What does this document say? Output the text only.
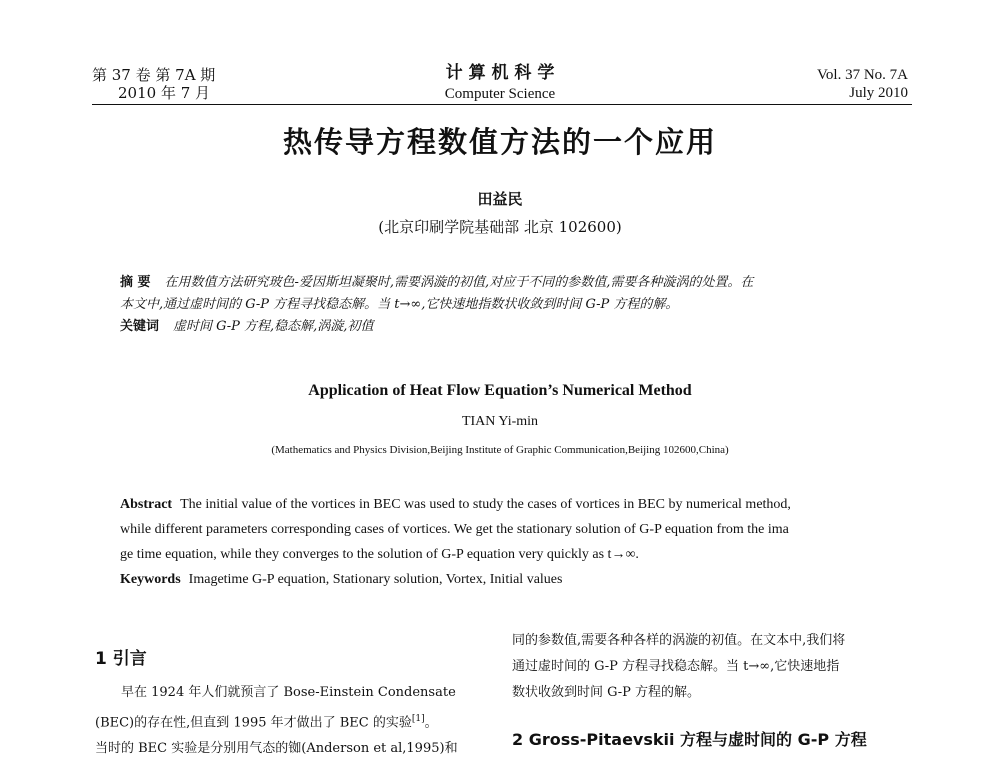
第 37 卷 第 7A 期
2010 年 7 月
计 算 机 科 学
Computer Science
Vol. 37 No. 7A
July 2010
热传导方程数值方法的一个应用
田益民
(北京印刷学院基础部 北京 102600)
摘 要 在用数值方法研究玻色-爱因斯坦凝聚时,需要涡漩的初值,对应于不同的参数值,需要各种漩涡的处置。在
本文中,通过虚时间的 G-P 方程寻找稳态解。当 t→∞,它快速地指数状收敛到时间 G-P 方程的解。
关键词 虚时间 G-P 方程,稳态解,涡漩,初值
Application of Heat Flow Equation’s Numerical Method
TIAN Yi-min
(Mathematics and Physics Division,Beijing Institute of Graphic Communication,Beijing 102600,China)
Abstract The initial value of the vortices in BEC was used to study the cases of vortices in BEC by numerical method,
while different parameters corresponding cases of vortices. We get the stationary solution of G-P equation from the ima
ge time equation, while they converges to the solution of G-P equation very quickly as t→∞.
Keywords Imagetime G-P equation, Stationary solution, Vortex, Initial values
1 引言
早在 1924 年人们就预言了 Bose-Einstein Condensate
(BEC)的存在性,但直到 1995 年才做出了 BEC 的实验[1]。
当时的 BEC 实验是分别用气态的铷(Anderson et al,1995)和
同的参数值,需要各种各样的涡漩的初值。在文本中,我们将
通过虚时间的 G-P 方程寻找稳态解。当 t→∞,它快速地指
数状收敛到时间 G-P 方程的解。
2 Gross-Pitaevskii 方程与虚时间的 G-P 方程
